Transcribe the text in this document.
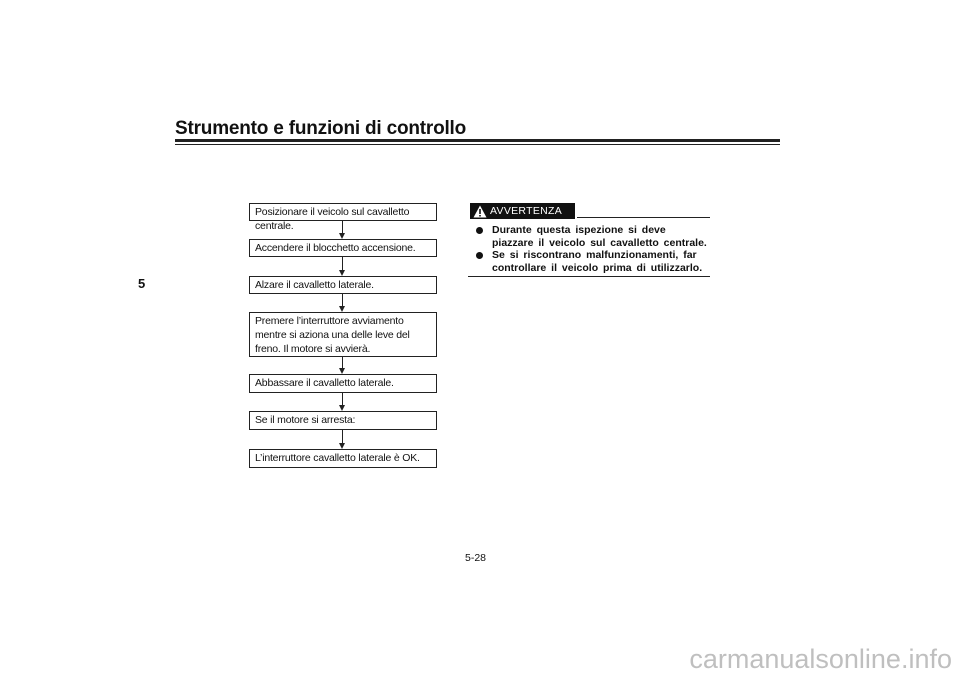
Strumento e funzioni di controllo
5
Posizionare il veicolo sul cavalletto centrale.
Accendere il blocchetto accensione.
Alzare il cavalletto laterale.
Premere l’interruttore avviamento mentre si aziona una delle leve del freno. Il motore si avvierà.
Abbassare il cavalletto laterale.
Se il motore si arresta:
L’interruttore cavalletto laterale è OK.
AVVERTENZA
Durante questa ispezione si deve piazzare il veicolo sul cavalletto centrale.
Se si riscontrano malfunzionamenti, far controllare il veicolo prima di utilizzarlo.
5-28
carmanualsonline.info
